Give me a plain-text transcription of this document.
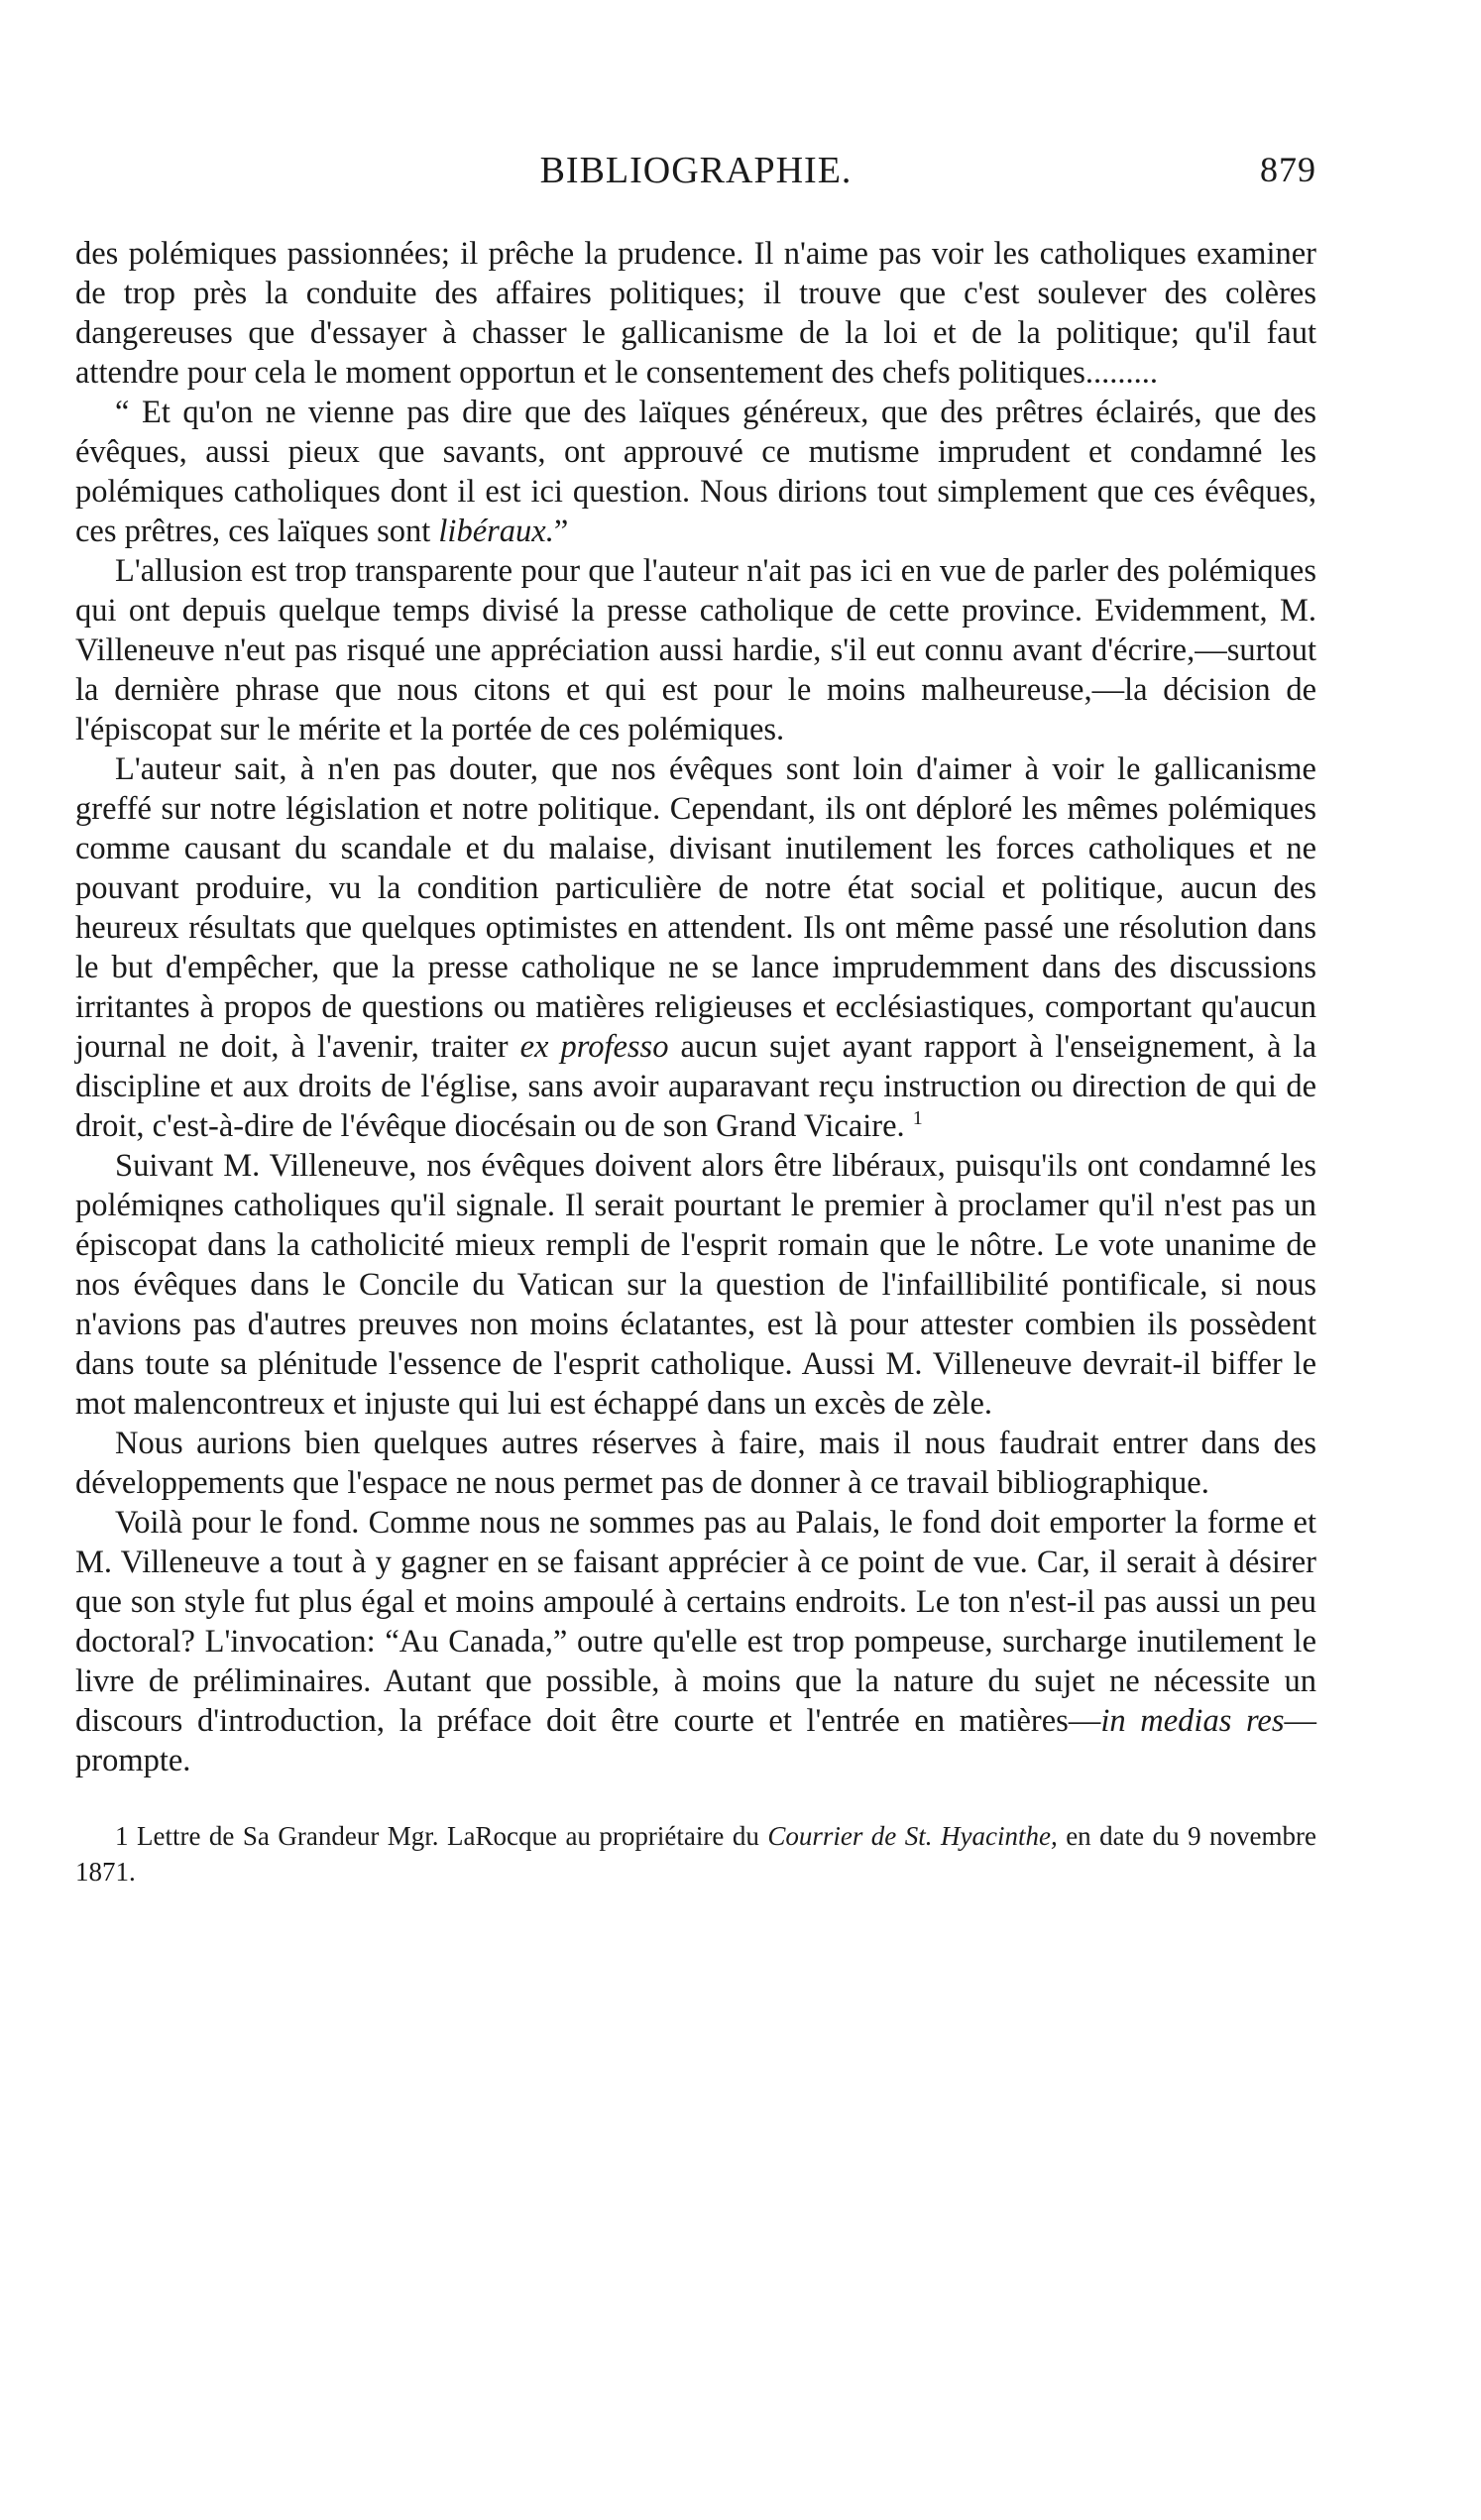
BIBLIOGRAPHIE.	879

des polémiques passionnées; il prêche la prudence. Il n'aime pas voir les catholiques examiner de trop près la conduite des affaires politiques; il trouve que c'est soulever des colères dangereuses que d'essayer à chasser le gallicanisme de la loi et de la politique; qu'il faut attendre pour cela le moment opportun et le consentement des chefs politiques.........

“ Et qu'on ne vienne pas dire que des laïques généreux, que des prêtres éclairés, que des évêques, aussi pieux que savants, ont approuvé ce mutisme imprudent et condamné les polémiques catholiques dont il est ici question. Nous dirions tout simplement que ces évêques, ces prêtres, ces laïques sont libéraux.”

L'allusion est trop transparente pour que l'auteur n'ait pas ici en vue de parler des polémiques qui ont depuis quelque temps divisé la presse catholique de cette province. Evidemment, M. Villeneuve n'eut pas risqué une appréciation aussi hardie, s'il eut connu avant d'écrire,—surtout la dernière phrase que nous citons et qui est pour le moins malheureuse,—la décision de l'épiscopat sur le mérite et la portée de ces polémiques.

L'auteur sait, à n'en pas douter, que nos évêques sont loin d'aimer à voir le gallicanisme greffé sur notre législation et notre politique. Cependant, ils ont déploré les mêmes polémiques comme causant du scandale et du malaise, divisant inutilement les forces catholiques et ne pouvant produire, vu la condition particulière de notre état social et politique, aucun des heureux résultats que quelques optimistes en attendent. Ils ont même passé une résolution dans le but d'empêcher, que la presse catholique ne se lance imprudemment dans des discussions irritantes à propos de questions ou matières religieuses et ecclésiastiques, comportant qu'aucun journal ne doit, à l'avenir, traiter ex professo aucun sujet ayant rapport à l'enseignement, à la discipline et aux droits de l'église, sans avoir auparavant reçu instruction ou direction de qui de droit, c'est-à-dire de l'évêque diocésain ou de son Grand Vicaire. $^1$

Suivant M. Villeneuve, nos évêques doivent alors être libéraux, puisqu'ils ont condamné les polémiqnes catholiques qu'il signale. Il serait pourtant le premier à proclamer qu'il n'est pas un épiscopat dans la catholicité mieux rempli de l'esprit romain que le nôtre. Le vote unanime de nos évêques dans le Concile du Vatican sur la question de l'infaillibilité pontificale, si nous n'avions pas d'autres preuves non moins éclatantes, est là pour attester combien ils possèdent dans toute sa plénitude l'essence de l'esprit catholique. Aussi M. Villeneuve devrait-il biffer le mot malencontreux et injuste qui lui est échappé dans un excès de zèle.

Nous aurions bien quelques autres réserves à faire, mais il nous faudrait entrer dans des développements que l'espace ne nous permet pas de donner à ce travail bibliographique.

Voilà pour le fond. Comme nous ne sommes pas au Palais, le fond doit emporter la forme et M. Villeneuve a tout à y gagner en se faisant apprécier à ce point de vue. Car, il serait à désirer que son style fut plus égal et moins ampoulé à certains endroits. Le ton n'est-il pas aussi un peu doctoral? L'invocation: “Au Canada,” outre qu'elle est trop pompeuse, surcharge inutilement le livre de préliminaires. Autant que possible, à moins que la nature du sujet ne nécessite un discours d'introduction, la préface doit être courte et l'entrée en matières—in medias res—prompte.

1 Lettre de Sa Grandeur Mgr. LaRocque au propriétaire du Courrier de St. Hyacinthe, en date du 9 novembre 1871.
